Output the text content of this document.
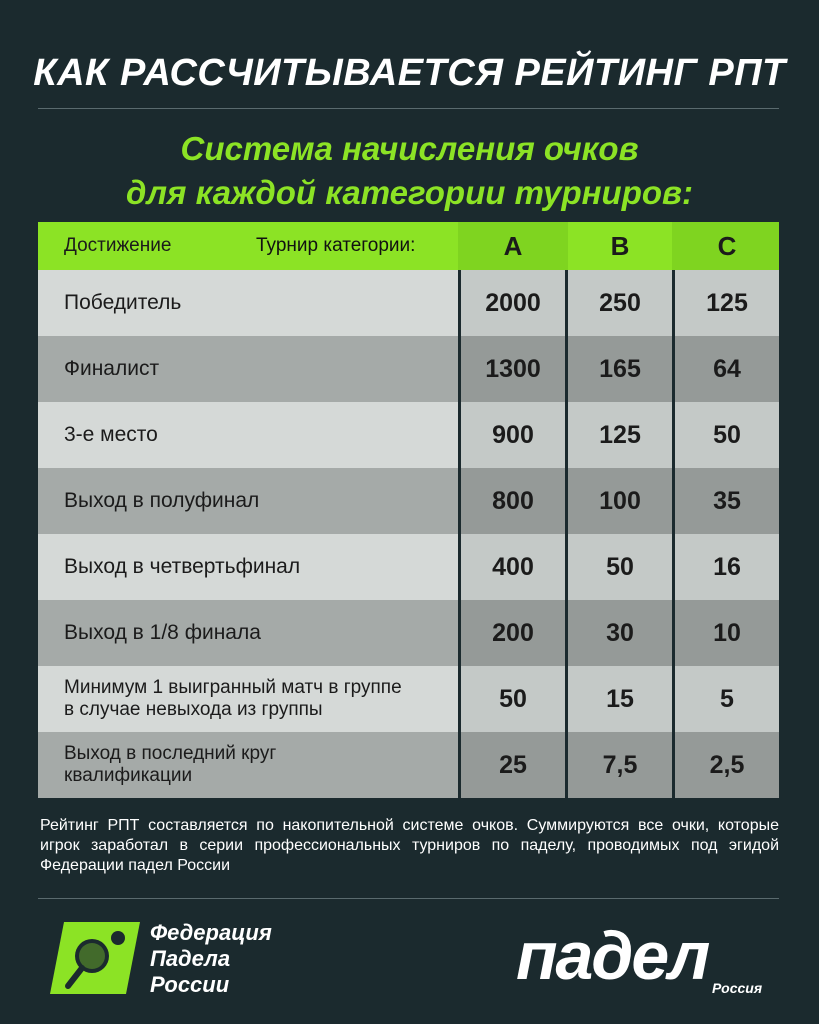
КАК РАССЧИТЫВАЕТСЯ РЕЙТИНГ РПТ
Система начисления очков
для каждой категории турниров:
Достижение	Турнир категории:	A	B	C
Победитель	2000	250	125
Финалист	1300	165	64
3-е место	900	125	50
Выход в полуфинал	800	100	35
Выход в четвертьфинал	400	50	16
Выход в 1/8 финала	200	30	10
Минимум 1 выигранный матч в группе
в случае невыхода из группы	50	15	5
Выход в последний круг
квалификации	25	7,5	2,5
Рейтинг РПТ составляется по накопительной системе очков. Суммируются все очки, которые игрок заработал в серии профессиональных турниров по паделу, проводимых под эгидой Федерации падел России
Федерация
Падела
России	падел Россия
